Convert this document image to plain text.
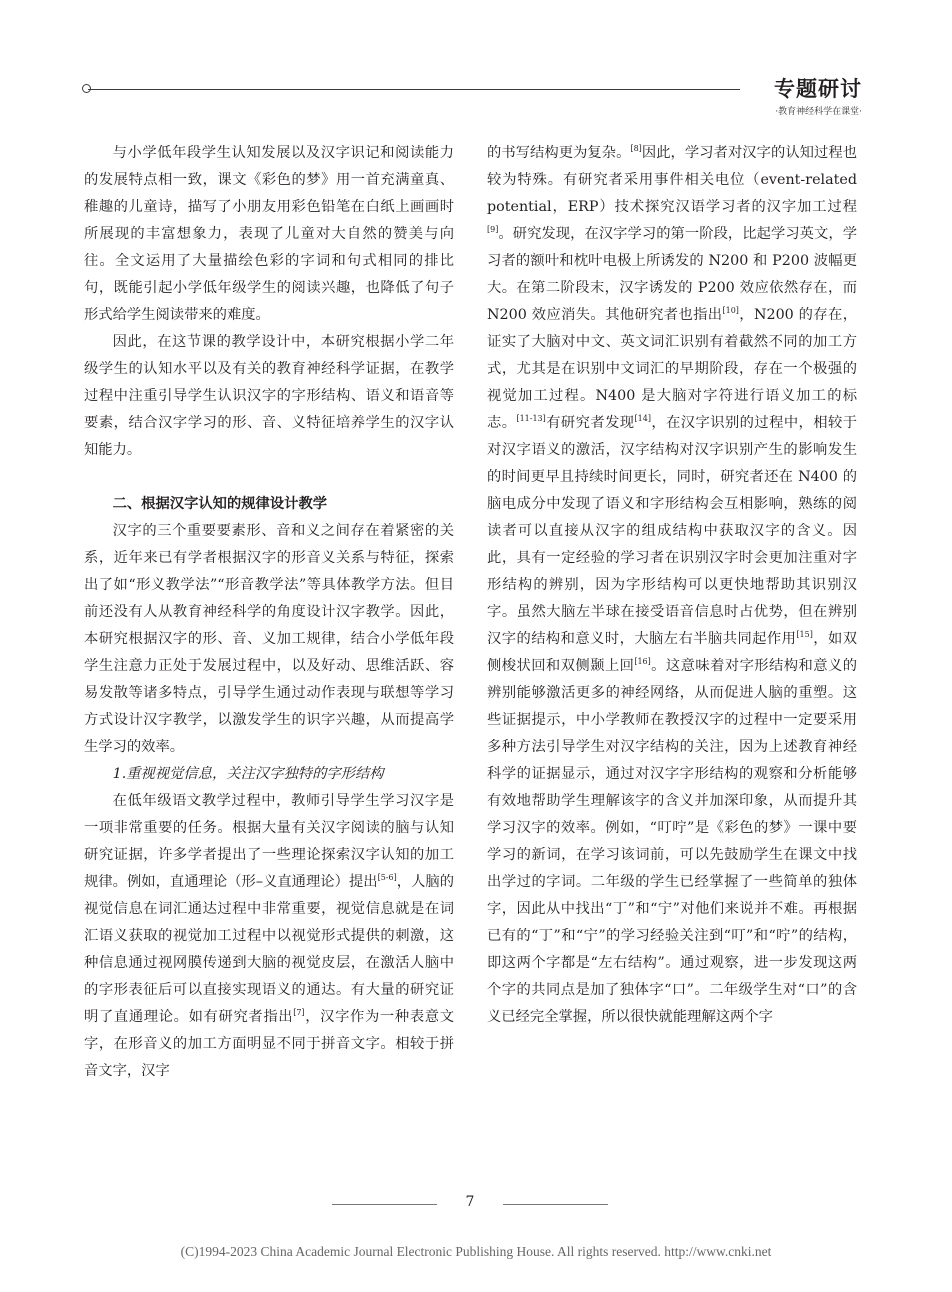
专题研讨
·教育神经科学在课堂·

与小学低年段学生认知发展以及汉字识记和阅读能力的发展特点相一致，课文《彩色的梦》用一首充满童真、稚趣的儿童诗，描写了小朋友用彩色铅笔在白纸上画画时所展现的丰富想象力，表现了儿童对大自然的赞美与向往。全文运用了大量描绘色彩的字词和句式相同的排比句，既能引起小学低年级学生的阅读兴趣，也降低了句子形式给学生阅读带来的难度。

因此，在这节课的教学设计中，本研究根据小学二年级学生的认知水平以及有关的教育神经科学证据，在教学过程中注重引导学生认识汉字的字形结构、语义和语音等要素，结合汉字学习的形、音、义特征培养学生的汉字认知能力。

二、根据汉字认知的规律设计教学

汉字的三个重要要素形、音和义之间存在着紧密的关系，近年来已有学者根据汉字的形音义关系与特征，探索出了如“形义教学法”“形音教学法”等具体教学方法。但目前还没有人从教育神经科学的角度设计汉字教学。因此，本研究根据汉字的形、音、义加工规律，结合小学低年段学生注意力正处于发展过程中，以及好动、思维活跃、容易发散等诸多特点，引导学生通过动作表现与联想等学习方式设计汉字教学，以激发学生的识字兴趣，从而提高学生学习的效率。

1.重视视觉信息，关注汉字独特的字形结构

在低年级语文教学过程中，教师引导学生学习汉字是一项非常重要的任务。根据大量有关汉字阅读的脑与认知研究证据，许多学者提出了一些理论探索汉字认知的加工规律。例如，直通理论（形–义直通理论）提出[5-6]，人脑的视觉信息在词汇通达过程中非常重要，视觉信息就是在词汇语义获取的视觉加工过程中以视觉形式提供的刺激，这种信息通过视网膜传递到大脑的视觉皮层，在激活人脑中的字形表征后可以直接实现语义的通达。有大量的研究证明了直通理论。如有研究者指出[7]，汉字作为一种表意文字，在形音义的加工方面明显不同于拼音文字。相较于拼音文字，汉字

的书写结构更为复杂。[8]因此，学习者对汉字的认知过程也较为特殊。有研究者采用事件相关电位（event-related potential，ERP）技术探究汉语学习者的汉字加工过程[9]。研究发现，在汉字学习的第一阶段，比起学习英文，学习者的额叶和枕叶电极上所诱发的 N200 和 P200 波幅更大。在第二阶段末，汉字诱发的 P200 效应依然存在，而 N200 效应消失。其他研究者也指出[10]，N200 的存在，证实了大脑对中文、英文词汇识别有着截然不同的加工方式，尤其是在识别中文词汇的早期阶段，存在一个极强的视觉加工过程。N400 是大脑对字符进行语义加工的标志。[11-13]有研究者发现[14]，在汉字识别的过程中，相较于对汉字语义的激活，汉字结构对汉字识别产生的影响发生的时间更早且持续时间更长，同时，研究者还在 N400 的脑电成分中发现了语义和字形结构会互相影响，熟练的阅读者可以直接从汉字的组成结构中获取汉字的含义。因此，具有一定经验的学习者在识别汉字时会更加注重对字形结构的辨别，因为字形结构可以更快地帮助其识别汉字。虽然大脑左半球在接受语音信息时占优势，但在辨别汉字的结构和意义时，大脑左右半脑共同起作用[15]，如双侧梭状回和双侧颞上回[16]。这意味着对字形结构和意义的辨别能够激活更多的神经网络，从而促进人脑的重塑。这些证据提示，中小学教师在教授汉字的过程中一定要采用多种方法引导学生对汉字结构的关注，因为上述教育神经科学的证据显示，通过对汉字字形结构的观察和分析能够有效地帮助学生理解该字的含义并加深印象，从而提升其学习汉字的效率。例如，“叮咛”是《彩色的梦》一课中要学习的新词，在学习该词前，可以先鼓励学生在课文中找出学过的字词。二年级的学生已经掌握了一些简单的独体字，因此从中找出“丁”和“宁”对他们来说并不难。再根据已有的“丁”和“宁”的学习经验关注到“叮”和“咛”的结构，即这两个字都是“左右结构”。通过观察，进一步发现这两个字的共同点是加了独体字“口”。二年级学生对“口”的含义已经完全掌握，所以很快就能理解这两个字

7
(C)1994-2023 China Academic Journal Electronic Publishing House. All rights reserved. http://www.cnki.net
